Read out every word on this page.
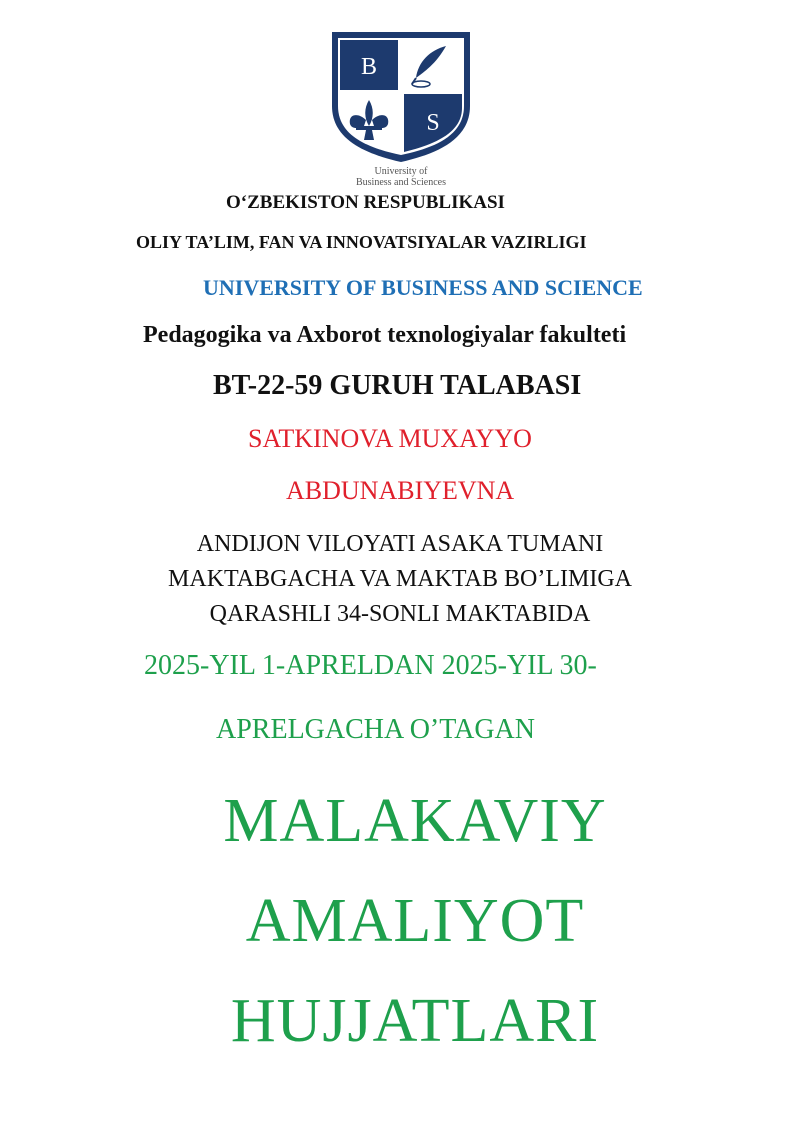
B
S
University of
Business and Sciences
O‘ZBEKISTON RESPUBLIKASI
OLIY TA’LIM, FAN VA INNOVATSIYALAR VAZIRLIGI
UNIVERSITY OF BUSINESS AND SCIENCE
Pedagogika va Axborot texnologiyalar fakulteti
BT-22-59 GURUH TALABASI
SATKINOVA MUXAYYO
ABDUNABIYEVNA
ANDIJON VILOYATI ASAKA TUMANI
MAKTABGACHA VA MAKTAB BO’LIMIGA
QARASHLI 34-SONLI MAKTABIDA
2025-YIL 1-APRELDAN 2025-YIL 30-
APRELGACHA O’TAGAN
MALAKAVIY
AMALIYOT
HUJJATLARI
